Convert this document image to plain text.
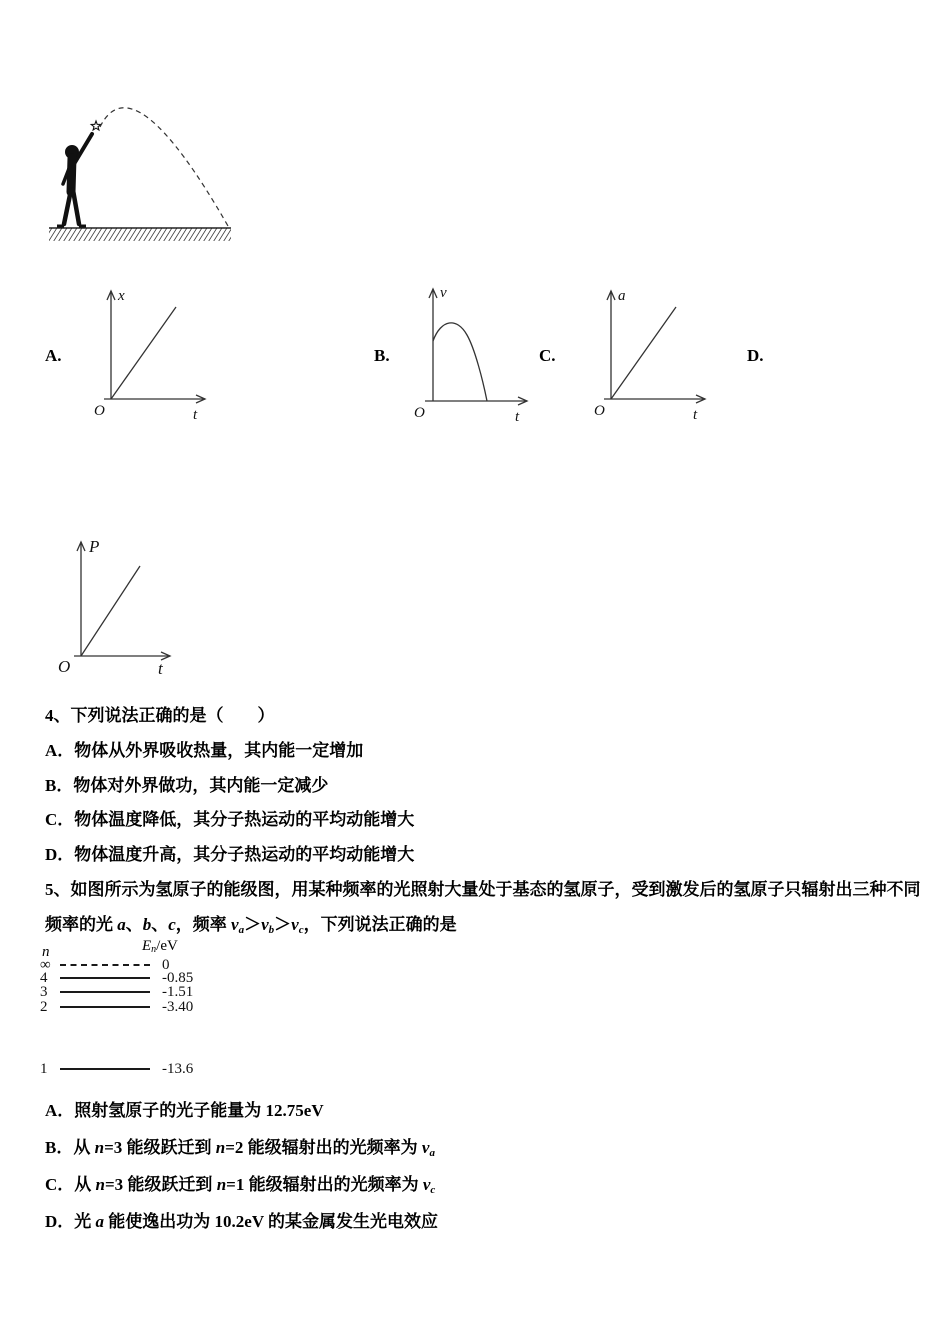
A.
x
t
O
B.
v
t
O
C.
a
t
O
D.
P
t
O
4、下列说法正确的是（　　）
A．物体从外界吸收热量，其内能一定增加
B．物体对外界做功，其内能一定减少
C．物体温度降低，其分子热运动的平均动能增大
D．物体温度升高，其分子热运动的平均动能增大
5、如图所示为氢原子的能级图，用某种频率的光照射大量处于基态的氢原子，受到激发后的氢原子只辐射出三种不同
频率的光 a、b、c，频率 $v_a>v_b>v_c$，下列说法正确的是
n	$E_n/eV$
∞	0
4	-0.85
3	-1.51
2	-3.40
1	-13.6
A．照射氢原子的光子能量为 12.75eV
B．从 n=3 能级跃迁到 n=2 能级辐射出的光频率为 $v_a$
C．从 n=3 能级跃迁到 n=1 能级辐射出的光频率为 $v_c$
D．光 a 能使逸出功为 10.2eV 的某金属发生光电效应
